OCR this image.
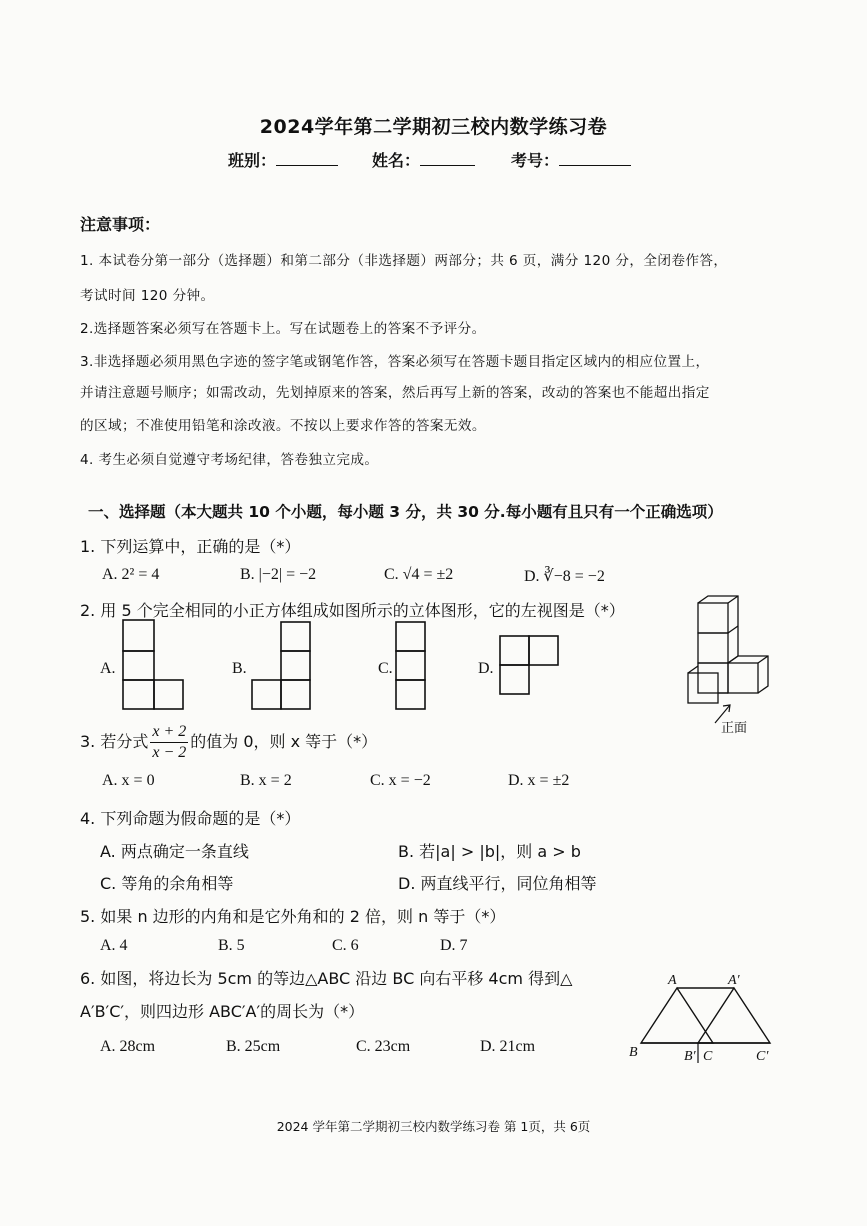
2024学年第二学期初三校内数学练习卷
班别：	姓名：	考号：
注意事项：
1. 本试卷分第一部分（选择题）和第二部分（非选择题）两部分；共 6 页，满分 120 分，全闭卷作答，
考试时间 120 分钟。
2.选择题答案必须写在答题卡上。写在试题卷上的答案不予评分。
3.非选择题必须用黑色字迹的签字笔或钢笔作答，答案必须写在答题卡题目指定区域内的相应位置上，
并请注意题号顺序；如需改动，先划掉原来的答案，然后再写上新的答案，改动的答案也不能超出指定
的区域；不准使用铅笔和涂改液。不按以上要求作答的答案无效。
4. 考生必须自觉遵守考场纪律，答卷独立完成。
一、选择题（本大题共 10 个小题，每小题 3 分，共 30 分.每小题有且只有一个正确选项）
1. 下列运算中，正确的是（*）
A. 2² = 4	B. |−2| = −2	C. √4 = ±2	D. ∛−8 = −2
2. 用 5 个完全相同的小正方体组成如图所示的立体图形，它的左视图是（*）
A.	B.	C.	D.
正面
3. 若分式 $\frac{x + 2}{x - 2}$ 的值为 0，则 x 等于（*）
A. x = 0	B. x = 2	C. x = −2	D. x = ±2
4. 下列命题为假命题的是（*）
A. 两点确定一条直线	B. 若|a| > |b|，则 a > b
C. 等角的余角相等	D. 两直线平行，同位角相等
5. 如果 n 边形的内角和是它外角和的 2 倍，则 n 等于（*）
A. 4	B. 5	C. 6	D. 7
6. 如图，将边长为 5cm 的等边△ABC 沿边 BC 向右平移 4cm 得到△
A′B′C′，则四边形 ABC′A′的周长为（*）
A. 28cm	B. 25cm	C. 23cm	D. 21cm
A	A′
B	B′ C	C′
2024 学年第二学期初三校内数学练习卷 第 1页，共 6页
